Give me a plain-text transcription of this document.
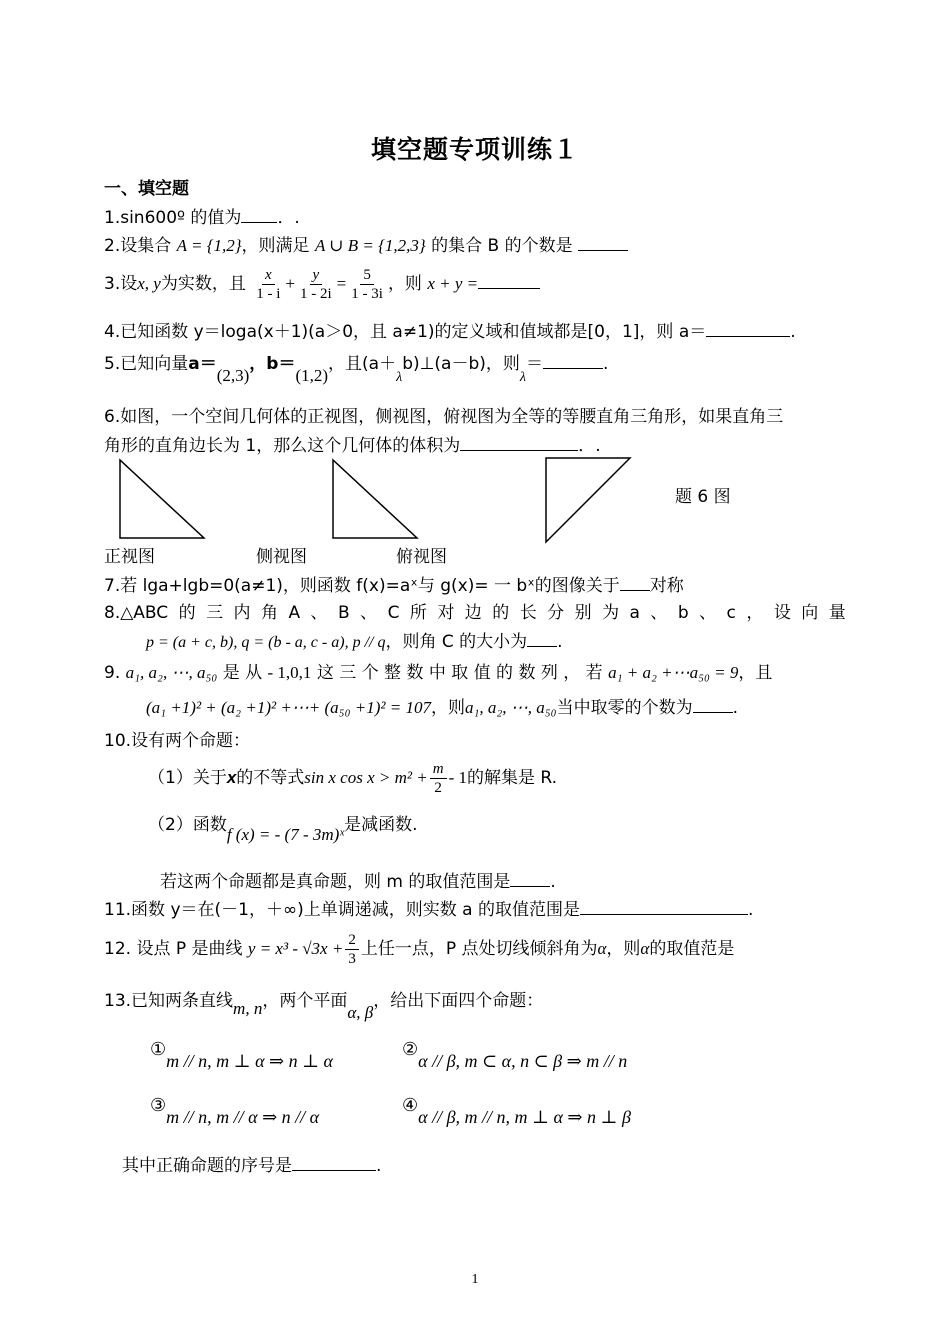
填空题专项训练１
一、填空题
1.sin600º 的值为 ．.
2.设集合 A = {1,2}，则满足 A ∪ B = {1,2,3} 的集合 B 的个数是
3.设x, y为实数，且 $\frac{x}{1 - i} + \frac{y}{1 - 2i} = \frac{5}{1 - 3i}$ ，则 x + y =
4.已知函数 y＝loga(x＋1)(a＞0，且 a≠1)的定义域和值域都是[0，1]，则 a＝	.
5.已知向量a＝(2,3)，b＝(1,2)，且$(a+_\lambda b)\perp(a-b)$，则$_\lambda$＝	.
6.如图，一个空间几何体的正视图，侧视图，俯视图为全等的等腰直角三角形，如果直角三
角形的直角边长为 1，那么这个几何体的体积为	．.
题 6 图
正视图	侧视图	俯视图
7.若 lga+lgb=0(a≠1)，则函数 f(x)=aˣ与 g(x)= 一 bˣ的图像关于 对称
8.△ABC 的 三 内 角 A 、 B 、 C 所 对 边 的 长 分 别 为 a 、 b 、 c ， 设 向 量
p = (a + c, b), q = (b - a, c - a), p // q，则角 C 的大小为 .
9. a₁, a₂, ⋯, a₅₀ 是 从 - 1,0,1 这 三 个 整 数 中 取 值 的 数 列 ， 若 a₁ + a₂ +⋯a₅₀ = 9，且
(a₁ +1)² + (a₂ +1)² +⋯+ (a₅₀ +1)² = 107，则a₁, a₂, ⋯, a₅₀当中取零的个数为 .
10.设有两个命题：
（1）关于x的不等式sin x $\cos x > m^2 + \frac{m}{2} - 1$的解集是 R.
（2）函数f (x) = - (7 - 3m)ˣ是减函数.
若这两个命题都是真命题，则 m 的取值范围是 .
11.函数 y＝在(－1，＋∞)上单调递减，则实数 a 的取值范围是	.
12. 设点 P 是曲线 $y = x^3 - √3x + \frac{2}{3}$ 上任一点，P 点处切线倾斜角为α，则α的取值范是
13.已知两条直线m, n，两个平面α, β，给出下面四个命题：
①m // n, m ⊥ α ⇒ n ⊥ α
②α // β, m ⊂ α, n ⊂ β ⇒ m // n
③m // n, m // α ⇒ n // α
④α // β, m // n, m ⊥ α ⇒ n ⊥ β
其中正确命题的序号是	.
1
